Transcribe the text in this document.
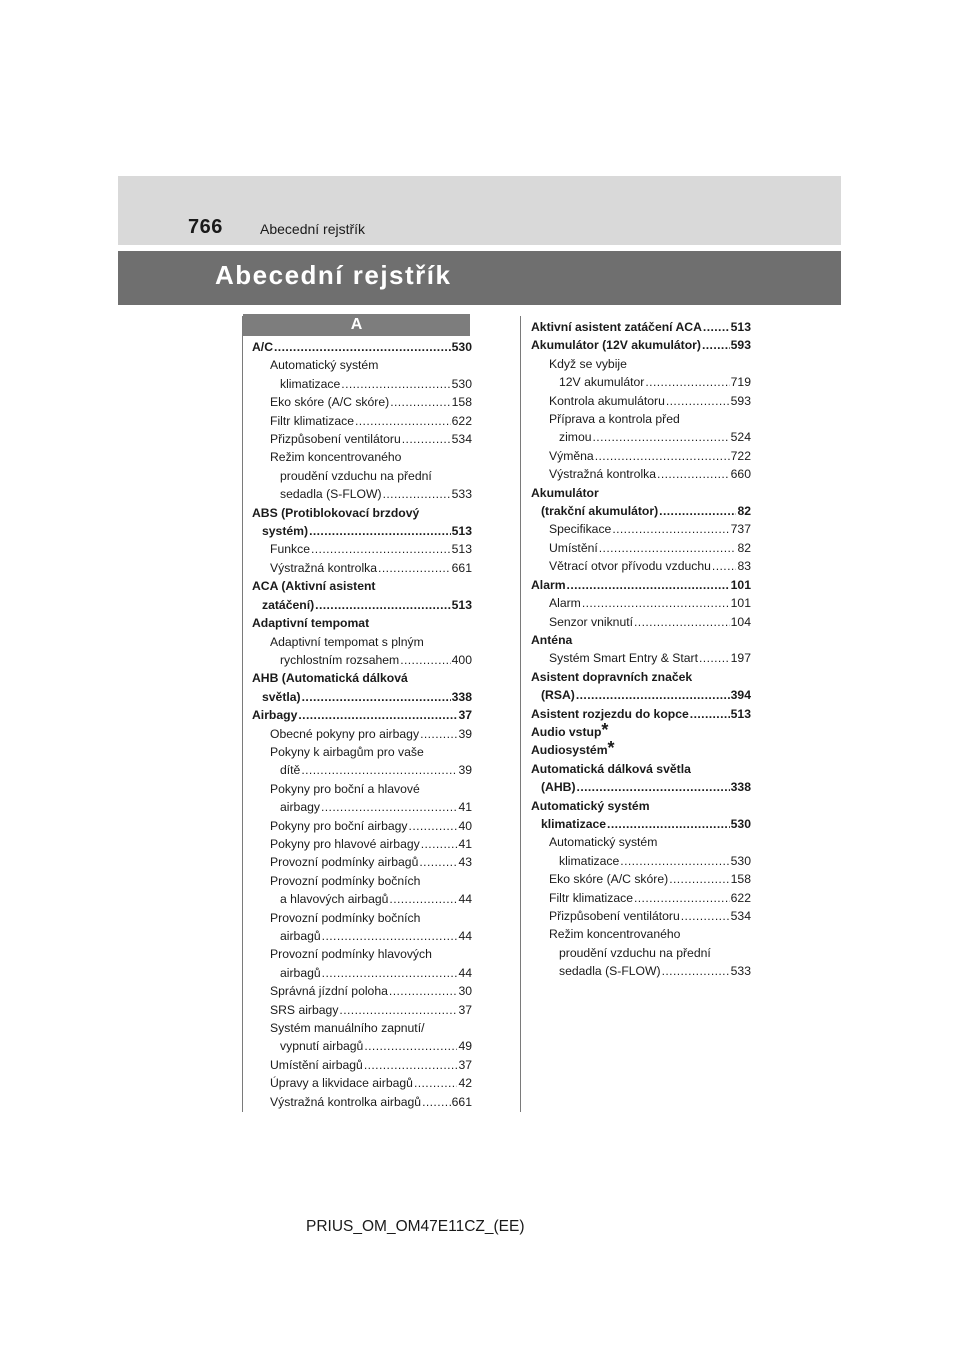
766	Abecední rejstřík
Abecední rejstřík
A
A/C .....	530
Automatický systém
klimatizace .....	530
Eko skóre (A/C skóre) .....	158
Filtr klimatizace .....	622
Přizpůsobení ventilátoru .....	534
Režim koncentrovaného
proudění vzduchu na přední
sedadla (S-FLOW) .....	533
ABS (Protiblokovací brzdový
systém) .....	513
Funkce .....	513
Výstražná kontrolka .....	661
ACA (Aktivní asistent
zatáčení) .....	513
Adaptivní tempomat
Adaptivní tempomat s plným
rychlostním rozsahem .....	400
AHB (Automatická dálková
světla) .....	338
Airbagy .....	37
Obecné pokyny pro airbagy .....	39
Pokyny k airbagům pro vaše
dítě .....	39
Pokyny pro boční a hlavové
airbagy .....	41
Pokyny pro boční airbagy .....	40
Pokyny pro hlavové airbagy .....	41
Provozní podmínky airbagů .....	43
Provozní podmínky bočních
a hlavových airbagů .....	44
Provozní podmínky bočních
airbagů .....	44
Provozní podmínky hlavových
airbagů .....	44
Správná jízdní poloha .....	30
SRS airbagy .....	37
Systém manuálního zapnutí/
vypnutí airbagů .....	49
Umístění airbagů .....	37
Úpravy a likvidace airbagů .....	42
Výstražná kontrolka airbagů .....	661
Aktivní asistent zatáčení ACA ..... 513
Akumulátor (12V akumulátor) ..... 593
Když se vybije
12V akumulátor .....	719
Kontrola akumulátoru .....	593
Příprava a kontrola před
zimou .....	524
Výměna .....	722
Výstražná kontrolka .....	660
Akumulátor
(trakční akumulátor) .....	82
Specifikace .....	737
Umístění .....	82
Větrací otvor přívodu vzduchu ..... 83
Alarm .....	101
Alarm .....	101
Senzor vniknutí .....	104
Anténa
Systém Smart Entry & Start .....	197
Asistent dopravních značek
(RSA) .....	394
Asistent rozjezdu do kopce .....	513
Audio vstup *
Audiosystém *
Automatická dálková světla
(AHB) .....	338
Automatický systém
klimatizace .....	530
Automatický systém
klimatizace .....	530
Eko skóre (A/C skóre) .....	158
Filtr klimatizace .....	622
Přizpůsobení ventilátoru .....	534
Režim koncentrovaného
proudění vzduchu na přední
sedadla (S-FLOW) .....	533
PRIUS_OM_OM47E11CZ_(EE)
